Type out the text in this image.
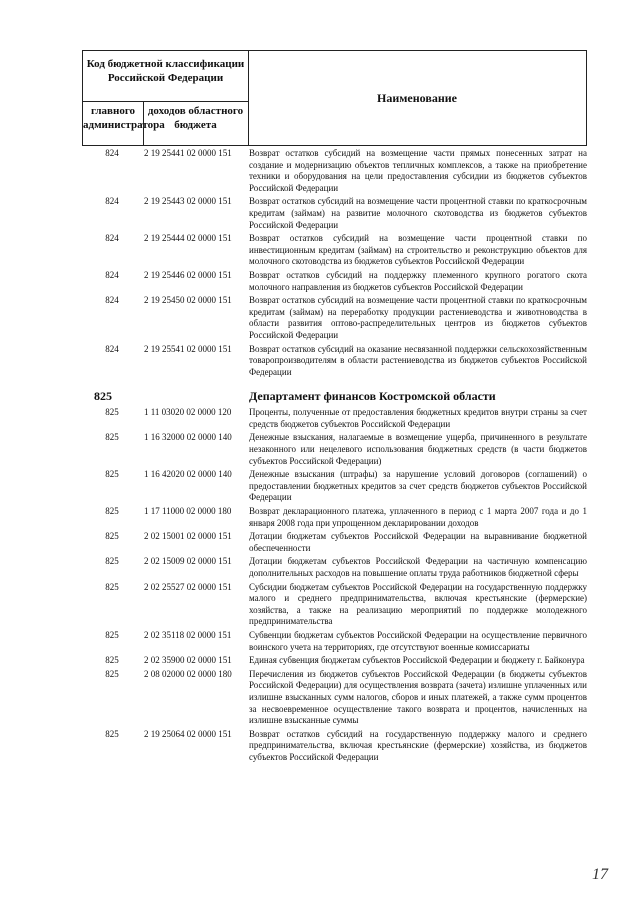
Код бюджетной классификации Российской Федерации
главного администратора
доходов областного бюджета
Наименование
824	2 19 25441 02 0000 151	Возврат остатков субсидий на возмещение части прямых понесенных затрат на создание и модернизацию объектов тепличных комплексов, а также на приобретение техники и оборудования на цели предоставления субсидии из бюджетов субъектов Российской Федерации
824	2 19 25443 02 0000 151	Возврат остатков субсидий на возмещение части процентной ставки по краткосрочным кредитам (займам) на развитие молочного скотоводства из бюджетов субъектов Российской Федерации
824	2 19 25444 02 0000 151	Возврат остатков субсидий на возмещение части процентной ставки по инвестиционным кредитам (займам) на строительство и реконструкцию объектов для молочного скотоводства из бюджетов субъектов Российской Федерации
824	2 19 25446 02 0000 151	Возврат остатков субсидий на поддержку племенного крупного рогатого скота молочного направления из бюджетов субъектов Российской Федерации
824	2 19 25450 02 0000 151	Возврат остатков субсидий на возмещение части процентной ставки по краткосрочным кредитам (займам) на переработку продукции растениеводства и животноводства в области развития оптово-распределительных центров из бюджетов субъектов Российской Федерации
824	2 19 25541 02 0000 151	Возврат остатков субсидий на оказание несвязанной поддержки сельскохозяйственным товаропроизводителям в области растениеводства из бюджетов субъектов Российской Федерации
825	Департамент финансов Костромской области
825	1 11 03020 02 0000 120	Проценты, полученные от предоставления бюджетных кредитов внутри страны за счет средств бюджетов субъектов Российской Федерации
825	1 16 32000 02 0000 140	Денежные взыскания, налагаемые в возмещение ущерба, причиненного в результате незаконного или нецелевого использования бюджетных средств (в части бюджетов субъектов Российской Федерации)
825	1 16 42020 02 0000 140	Денежные взыскания (штрафы) за нарушение условий договоров (соглашений) о предоставлении бюджетных кредитов за счет средств бюджетов субъектов Российской Федерации
825	1 17 11000 02 0000 180	Возврат декларационного платежа, уплаченного в период с 1 марта 2007 года и до 1 января 2008 года при упрощенном декларировании доходов
825	2 02 15001 02 0000 151	Дотации бюджетам субъектов Российской Федерации на выравнивание бюджетной обеспеченности
825	2 02 15009 02 0000 151	Дотации бюджетам субъектов Российской Федерации на частичную компенсацию дополнительных расходов на повышение оплаты труда работников бюджетной сферы
825	2 02 25527 02 0000 151	Субсидии бюджетам субъектов Российской Федерации на государственную поддержку малого и среднего предпринимательства, включая крестьянские (фермерские) хозяйства, а также на реализацию мероприятий по поддержке молодежного предпринимательства
825	2 02 35118 02 0000 151	Субвенции бюджетам субъектов Российской Федерации на осуществление первичного воинского учета на территориях, где отсутствуют военные комиссариаты
825	2 02 35900 02 0000 151	Единая субвенция бюджетам субъектов Российской Федерации и бюджету г. Байконура
825	2 08 02000 02 0000 180	Перечисления из бюджетов субъектов Российской Федерации (в бюджеты субъектов Российской Федерации) для осуществления возврата (зачета) излишне уплаченных или излишне взысканных сумм налогов, сборов и иных платежей, а также сумм процентов за несвоевременное осуществление такого возврата и процентов, начисленных на излишне взысканные суммы
825	2 19 25064 02 0000 151	Возврат остатков субсидий на государственную поддержку малого и среднего предпринимательства, включая крестьянские (фермерские) хозяйства, из бюджетов субъектов Российской Федерации
17
